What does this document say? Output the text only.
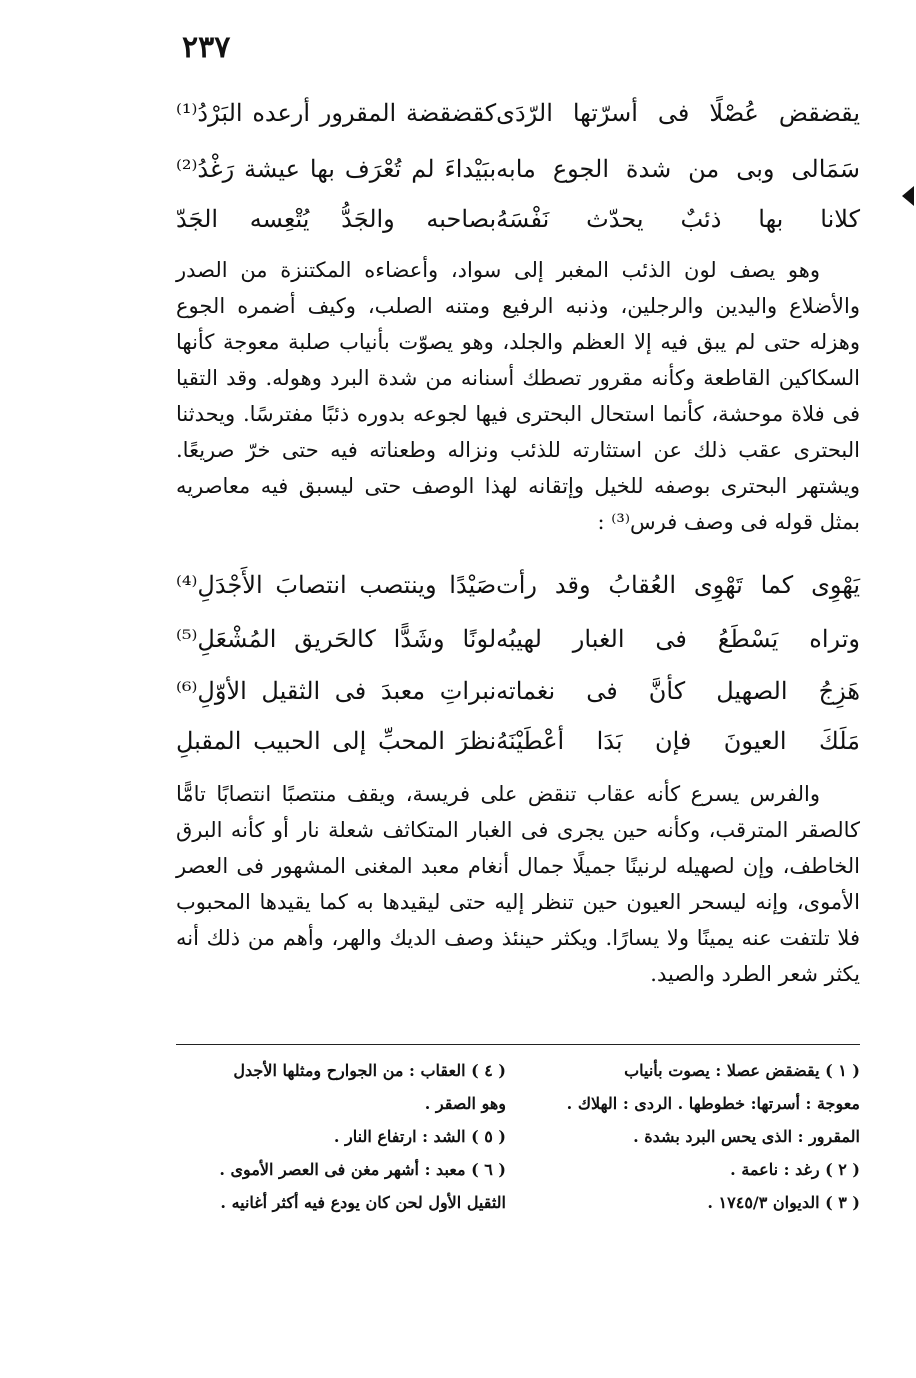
٢٣٧
يقضقض عُصْلًا فى أسرّتها الرّدَى
كقضقضة المقرور أرعده البَرْدُ⁽¹⁾
سَمَالى وبى من شدة الجوع مابه
ببَيْداءَ لم تُعْرَف بها عيشة رَغْدُ⁽²⁾
كلانا بها ذئبٌ يحدّث نَفْسَهُ
بصاحبه والجَدُّ يُتْعِسه الجَدّ

وهو يصف لون الذئب المغبر إلى سواد، وأعضاءه المكتنزة من الصدر والأضلاع واليدين والرجلين، وذنبه الرفيع ومتنه الصلب، وكيف أضمره الجوع وهزله حتى لم يبق فيه إلا العظم والجلد، وهو يصوّت بأنياب صلبة معوجة كأنها السكاكين القاطعة وكأنه مقرور تصطك أسنانه من شدة البرد وهوله. وقد التقيا فى فلاة موحشة، كأنما استحال البحترى فيها لجوعه بدوره ذئبًا مفترسًا. ويحدثنا البحترى عقب ذلك عن استثارته للذئب ونزاله وطعناته فيه حتى خرّ صريعًا. ويشتهر البحترى بوصفه للخيل وإتقانه لهذا الوصف حتى ليسبق فيه معاصريه بمثل قوله فى وصف فرس⁽³⁾ :

يَهْوِى كما تَهْوِى العُقابُ وقد رأت
صَيْدًا وينتصب انتصابَ الأَجْدَلِ⁽⁴⁾
وتراه يَسْطَعُ فى الغبار لهيبُه
لونًا وشَدًّا كالحَريق المُشْعَلِ⁽⁵⁾
هَزِجُ الصهيل كأنَّ فى نغماته
نبراتِ معبدَ فى الثقيل الأوّلِ⁽⁶⁾
مَلَكَ العيونَ فإن بَدَا أعْطَيْنَهُ
نظرَ المحبِّ إلى الحبيب المقبلِ

والفرس يسرع كأنه عقاب تنقض على فريسة، ويقف منتصبًا انتصابًا تامًّا كالصقر المترقب، وكأنه حين يجرى فى الغبار المتكاثف شعلة نار أو كأنه البرق الخاطف، وإن لصهيله لرنينًا جميلًا جمال أنغام معبد المغنى المشهور فى العصر الأموى، وإنه ليسحر العيون حين تنظر إليه حتى ليقيدها به كما يقيدها المحبوب فلا تلتفت عنه يمينًا ولا يسارًا. ويكثر حينئذ وصف الديك والهر، وأهم من ذلك أنه يكثر شعر الطرد والصيد.

( ١ ) يقضقض عصلا : يصوت بأنياب
معوجة : أسرتها: خطوطها . الردى : الهلاك .
المقرور : الذى يحس البرد بشدة .
( ٢ ) رغد : ناعمة .
( ٣ ) الديوان ١٧٤٥/٣ .
( ٤ ) العقاب : من الجوارح ومثلها الأجدل
وهو الصقر .
( ٥ ) الشد : ارتفاع النار .
( ٦ ) معبد : أشهر مغن فى العصر الأموى .
الثقيل الأول لحن كان يودع فيه أكثر أغانيه .
